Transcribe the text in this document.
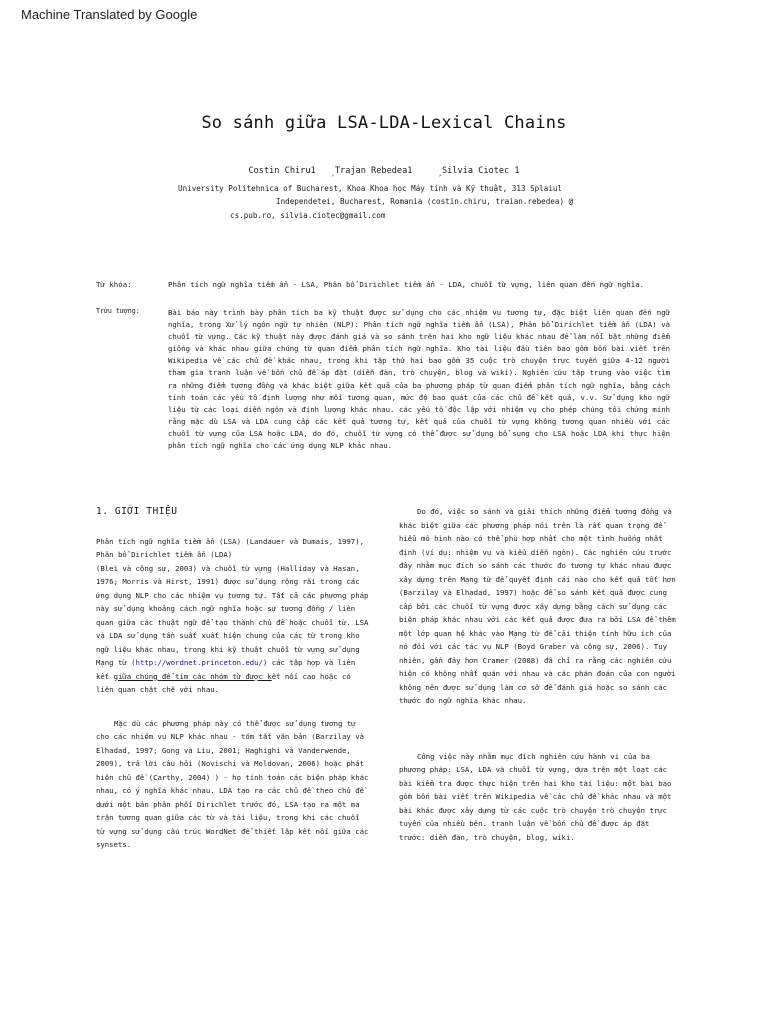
Machine Translated by Google
So sánh giữa LSA-LDA-Lexical Chains
Costin Chiru1	$_,$Trajan Rebedea1	$_,$Silvia Ciotec 1
University Politehnica of Bucharest, Khoa Khoa học Máy tính và Kỹ thuật, 313 Splaiul
Independetei, Bucharest, Romania (costin.chiru, traian.rebedea) @
cs.pub.ro, silvia.ciotec@gmail.com
Từ khóa:	Phân tích ngữ nghĩa tiềm ẩn - LSA, Phân bổ Dirichlet tiềm ẩn - LDA, chuỗi từ vựng, liên quan đến ngữ nghĩa.
Trừu tượng:	Bài báo này trình bày phân tích ba kỹ thuật được sử dụng cho các nhiệm vụ tương tự, đặc biệt liên quan đến ngữ nghĩa, trong Xử lý ngôn ngữ tự nhiên (NLP): Phân tích ngữ nghĩa tiềm ẩn (LSA), Phân bổ Dirichlet tiềm ẩn (LDA) và chuỗi từ vựng. Các kỹ thuật này được đánh giá và so sánh trên hai kho ngữ liệu khác nhau để làm nổi bật những điểm giống và khác nhau giữa chúng từ quan điểm phân tích ngữ nghĩa. Kho tài liệu đầu tiên bao gồm bốn bài viết trên Wikipedia về các chủ đề khác nhau, trong khi tập thứ hai bao gồm 35 cuộc trò chuyện trực tuyến giữa 4-12 người tham gia tranh luận về bốn chủ đề áp đặt (diễn đàn, trò chuyện, blog và wiki). Nghiên cứu tập trung vào việc tìm ra những điểm tương đồng và khác biệt giữa kết quả của ba phương pháp từ quan điểm phân tích ngữ nghĩa, bằng cách tính toán các yếu tố định lượng như mối tương quan, mức độ bao quát của các chủ đề kết quả, v.v. Sử dụng kho ngữ liệu từ các loại diễn ngôn và định lượng khác nhau. các yếu tố độc lập với nhiệm vụ cho phép chúng tôi chứng minh rằng mặc dù LSA và LDA cung cấp các kết quả tương tự, kết quả của chuỗi từ vựng không tương quan nhiều với các chuỗi từ vựng của LSA hoặc LDA, do đó, chuỗi từ vựng có thể được sử dụng bổ sung cho LSA hoặc LDA khi thực hiện phân tích ngữ nghĩa cho các ứng dụng NLP khác nhau.
1. GIỚI THIỆU
Phân tích ngữ nghĩa tiềm ẩn (LSA) (Landauer và Dumais, 1997), Phân bổ Dirichlet tiềm ẩn (LDA)
(Blei và cộng sự, 2003) và chuỗi từ vựng (Halliday và Hasan, 1976; Morris và Hirst, 1991) được sử dụng rộng rãi trong các ứng dụng NLP cho các nhiệm vụ tương tự. Tất cả các phương pháp này sử dụng khoảng cách ngữ nghĩa hoặc sự tương đồng / liên quan giữa các thuật ngữ để tạo thành chủ đề hoặc chuỗi từ. LSA và LDA sử dụng tần suất xuất hiện chung của các từ trong kho ngữ liệu khác nhau, trong khi kỹ thuật chuỗi từ vựng sử dụng Mạng từ (http://wordnet.princeton.edu/) các tập hợp và liên kết giữa chúng để tìm các nhóm từ được kết nối cao hoặc có liên quan chặt chẽ với nhau.
Mặc dù các phương pháp này có thể được sử dụng tương tự cho các nhiệm vụ NLP khác nhau - tóm tắt văn bản (Barzilay và Elhadad, 1997; Gong và Liu, 2001; Haghighi và Vanderwende, 2009), trả lời câu hỏi (Novischi và Moldovan, 2006) hoặc phát hiện chủ đề (Carthy, 2004) ) - họ tính toán các biện pháp khác nhau, có ý nghĩa khác nhau. LDA tạo ra các chủ đề theo chủ đề dưới một bản phân phối Dirichlet trước đó, LSA tạo ra một ma trận tương quan giữa các từ và tài liệu, trong khi các chuỗi từ vựng sử dụng cấu trúc WordNet để thiết lập kết nối giữa các synsets.
Do đó, việc so sánh và giải thích những điểm tương đồng và khác biệt giữa các phương pháp nói trên là rất quan trọng để hiểu mô hình nào có thể phù hợp nhất cho một tình huống nhất định (ví dụ: nhiệm vụ và kiểu diễn ngôn). Các nghiên cứu trước đây nhằm mục đích so sánh các thước đo tương tự khác nhau được xây dựng trên Mạng từ để quyết định cái nào cho kết quả tốt hơn (Barzilay và Elhadad, 1997) hoặc để so sánh kết quả được cung cấp bởi các chuỗi từ vựng được xây dựng bằng cách sử dụng các biện pháp khác nhau với các kết quả được đưa ra bởi LSA để thêm một lớp quan hệ khác vào Mạng từ để cải thiện tính hữu ích của nó đối với các tác vụ NLP (Boyd Graber và cộng sự, 2006). Tuy nhiên, gần đây hơn Cramer (2008) đã chỉ ra rằng các nghiên cứu hiện có không nhất quán với nhau và các phán đoán của con người không nên được sử dụng làm cơ sở để đánh giá hoặc so sánh các thước đo ngữ nghĩa khác nhau.
Công việc này nhằm mục đích nghiên cứu hành vi của ba phương pháp: LSA, LDA và chuỗi từ vựng, dựa trên một loạt các bài kiểm tra được thực hiện trên hai kho tài liệu: một bài bao gồm bốn bài viết trên Wikipedia về các chủ đề khác nhau và một bài khác được xây dựng từ các cuộc trò chuyện trò chuyện trực tuyến của nhiều bên. tranh luận về bốn chủ đề được áp đặt trước: diễn đàn, trò chuyện, blog, wiki.
